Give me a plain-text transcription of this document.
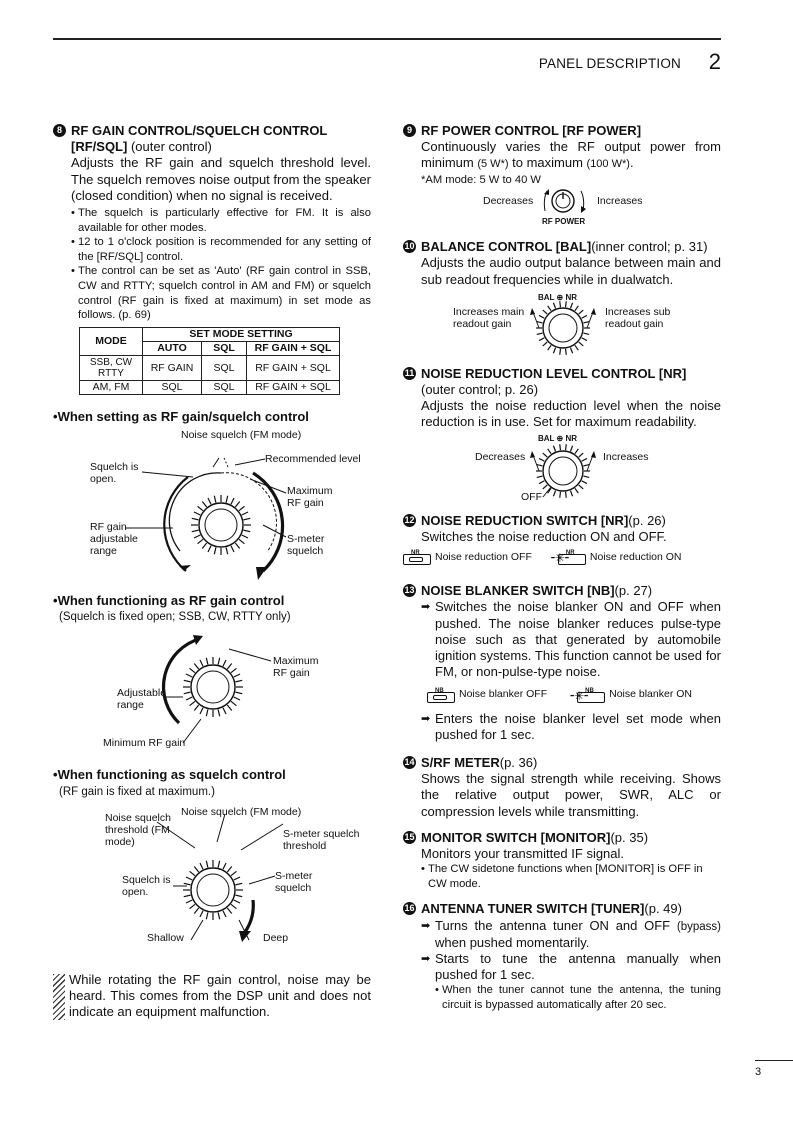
PANEL DESCRIPTION 2
8 RF GAIN CONTROL/SQUELCH CONTROL
[RF/SQL] (outer control)
Adjusts the RF gain and squelch threshold level. The squelch removes noise output from the speaker (closed condition) when no signal is received.
• The squelch is particularly effective for FM. It is also available for other modes.
• 12 to 1 o'clock position is recommended for any setting of the [RF/SQL] control.
• The control can be set as 'Auto' (RF gain control in SSB, CW and RTTY; squelch control in AM and FM) or squelch control (RF gain is fixed at maximum) in set mode as follows. (p. 69)
MODE	SET MODE SETTING		
	AUTO	SQL	RF GAIN + SQL
SSB, CW RTTY	RF GAIN	SQL	RF GAIN + SQL
AM, FM	SQL	SQL	RF GAIN + SQL
•When setting as RF gain/squelch control
Noise squelch (FM mode)
Recommended level
Squelch is open.
Maximum RF gain
RF gain adjustable range
S-meter squelch
•When functioning as RF gain control
(Squelch is fixed open; SSB, CW, RTTY only)
Maximum RF gain
Adjustable range
Minimum RF gain
•When functioning as squelch control
(RF gain is fixed at maximum.)
Noise squelch threshold (FM mode)
Noise squelch (FM mode)
S-meter squelch threshold
Squelch is open.
S-meter squelch
Shallow	Deep
While rotating the RF gain control, noise may be heard. This comes from the DSP unit and does not indicate an equipment malfunction.
9 RF POWER CONTROL [RF POWER]
Continuously varies the RF output power from minimum (5 W*) to maximum (100 W*).
*AM mode: 5 W to 40 W
Decreases	Increases
RF POWER
10 BALANCE CONTROL [BAL] (inner control; p. 31)
Adjusts the audio output balance between main and sub readout frequencies while in dualwatch.
BAL ⊕ NR
Increases main readout gain
Increases sub readout gain
11 NOISE REDUCTION LEVEL CONTROL [NR]
(outer control; p. 26)
Adjusts the noise reduction level when the noise reduction is in use. Set for maximum readability.
BAL ⊕ NR
Decreases	Increases
OFF
12 NOISE REDUCTION SWITCH [NR] (p. 26)
Switches the noise reduction ON and OFF.
NR Noise reduction OFF	NR
⁃✳⁃ Noise reduction ON
13 NOISE BLANKER SWITCH [NB] (p. 27)
➡ Switches the noise blanker ON and OFF when pushed. The noise blanker reduces pulse-type noise such as that generated by automobile ignition systems. This function cannot be used for FM, or non-pulse-type noise.
NB Noise blanker OFF	NB
⁃✳⁃ Noise blanker ON
➡ Enters the noise blanker level set mode when pushed for 1 sec.
14 S/RF METER (p. 36)
Shows the signal strength while receiving. Shows the relative output power, SWR, ALC or compression levels while transmitting.
15 MONITOR SWITCH [MONITOR] (p. 35)
Monitors your transmitted IF signal.
• The CW sidetone functions when [MONITOR] is OFF in CW mode.
16 ANTENNA TUNER SWITCH [TUNER] (p. 49)
➡ Turns the antenna tuner ON and OFF (bypass) when pushed momentarily.
➡ Starts to tune the antenna manually when pushed for 1 sec.
• When the tuner cannot tune the antenna, the tuning circuit is bypassed automatically after 20 sec.
3
